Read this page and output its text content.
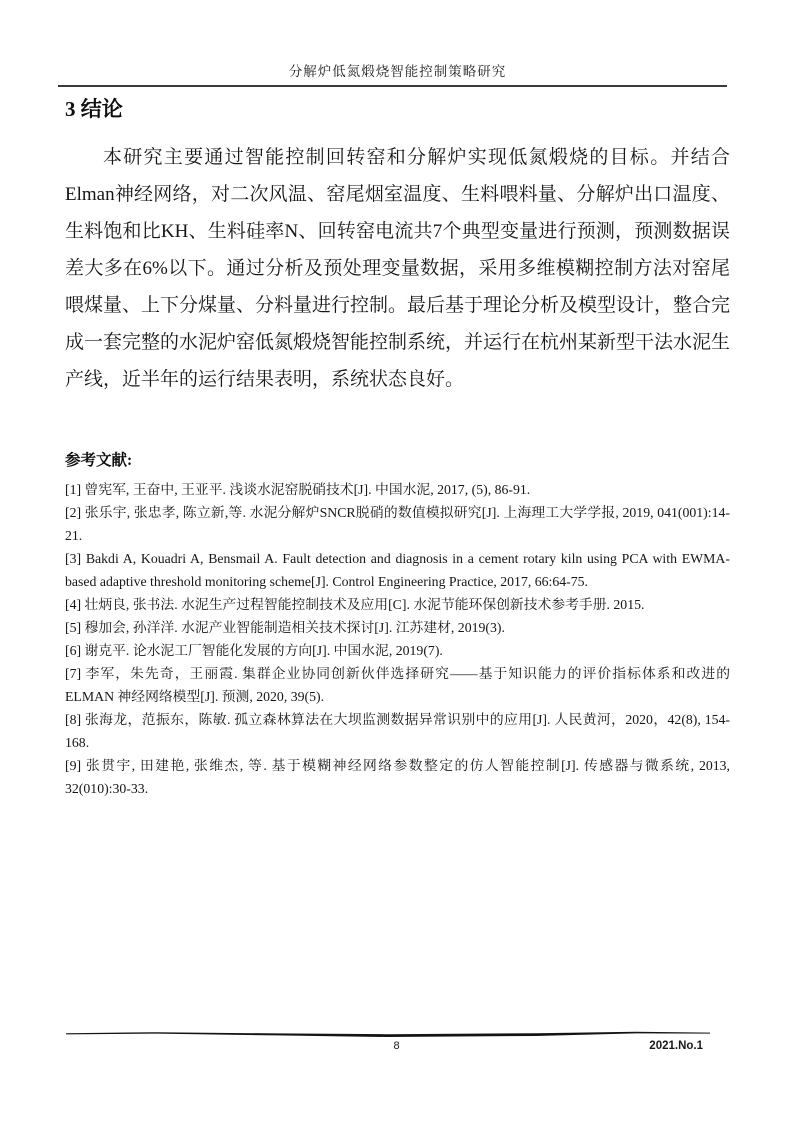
分解炉低氮煅烧智能控制策略研究
3 结论

本研究主要通过智能控制回转窑和分解炉实现低氮煅烧的目标。并结合Elman神经网络，对二次风温、窑尾烟室温度、生料喂料量、分解炉出口温度、生料饱和比KH、生料硅率N、回转窑电流共7个典型变量进行预测，预测数据误差大多在6%以下。通过分析及预处理变量数据，采用多维模糊控制方法对窑尾喂煤量、上下分煤量、分料量进行控制。最后基于理论分析及模型设计，整合完成一套完整的水泥炉窑低氮煅烧智能控制系统，并运行在杭州某新型干法水泥生产线，近半年的运行结果表明，系统状态良好。

参考文献:

[1] 曾宪军, 王奋中, 王亚平. 浅谈水泥窑脱硝技术[J]. 中国水泥, 2017, (5), 86-91.

[2] 张乐宇, 张忠孝, 陈立新,等. 水泥分解炉SNCR脱硝的数值模拟研究[J]. 上海理工大学学报, 2019, 041(001):14-21.

[3] Bakdi A, Kouadri A, Bensmail A. Fault detection and diagnosis in a cement rotary kiln using PCA with EWMA-based adaptive threshold monitoring scheme[J]. Control Engineering Practice, 2017, 66:64-75.

[4] 壮炳良, 张书法. 水泥生产过程智能控制技术及应用[C]. 水泥节能环保创新技术参考手册. 2015.

[5] 穆加会, 孙洋洋. 水泥产业智能制造相关技术探讨[J]. 江苏建材, 2019(3).

[6] 谢克平. 论水泥工厂智能化发展的方向[J]. 中国水泥, 2019(7).

[7] 李军，朱先奇，王丽霞. 集群企业协同创新伙伴选择研究——基于知识能力的评价指标体系和改进的ELMAN 神经网络模型[J]. 预测, 2020, 39(5).

[8] 张海龙，范振东，陈敏. 孤立森林算法在大坝监测数据异常识别中的应用[J]. 人民黄河，2020，42(8), 154-168.

[9] 张贯宇, 田建艳, 张维杰, 等. 基于模糊神经网络参数整定的仿人智能控制[J]. 传感器与微系统, 2013, 32(010):30-33.

8	2021.No.1
